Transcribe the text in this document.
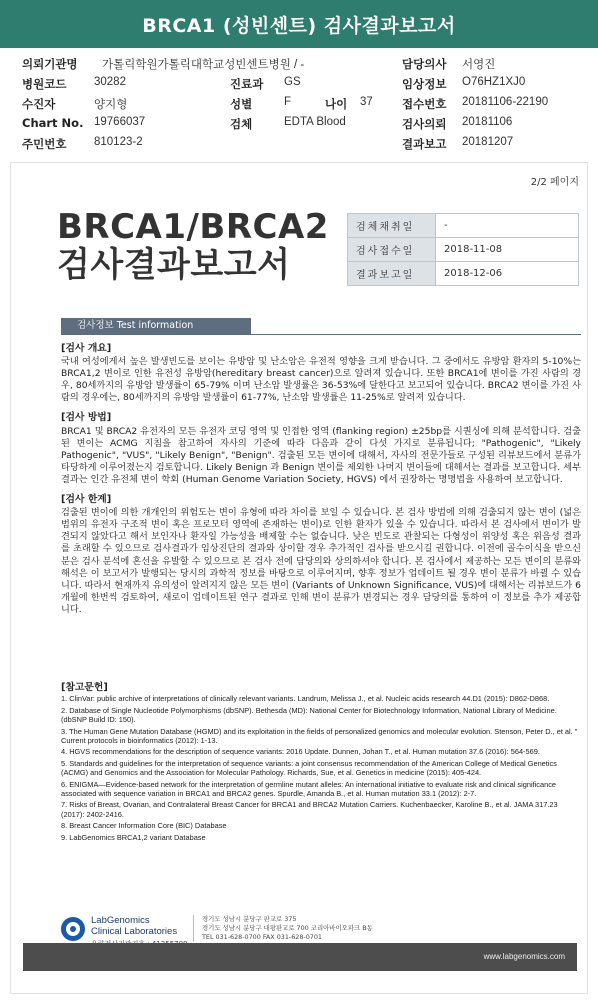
BRCA1 (성빈센트) 검사결과보고서
의뢰기관명 가톨릭학원가톨릭대학교성빈센트병원 / -	담당의사 서영진
병원코드 30282	진료과 GS	임상정보 O76HZ1XJ0
수진자	양지형	성별	F	나이 37	접수번호 20181106-22190
Chart No. 19766037	검체	EDTA Blood	검사의뢰 20181106
주민번호 810123-2	결과보고 20181207
2/2 페이지
BRCA1/BRCA2
검사결과보고서
검체채취일	-
검사접수일	2018-11-08
결과보고일	2018-12-06
검사정보 Test information
[검사 개요]

국내 여성에게서 높은 발생빈도를 보이는 유방암 및 난소암은 유전적 영향을 크게 받습니다. 그 중에서도 유방암 환자의 5-10%는 BRCA1,2 변이로 인한 유전성 유방암(hereditary breast cancer)으로 알려져 있습니다. 또한 BRCA1에 변이를 가진 사람의 경우, 80세까지의 유방암 발생률이 65-79% 이며 난소암 발생률은 36-53%에 달한다고 보고되어 있습니다. BRCA2 변이를 가진 사람의 경우에는, 80세까지의 유방암 발생률이 61-77%, 난소암 발생률은 11-25%로 알려져 있습니다.

[검사 방법]

BRCA1 및 BRCA2 유전자의 모든 유전자 코딩 영역 및 인접한 영역 (flanking region) ±25bp를 시퀀싱에 의해 분석합니다. 검출된 변이는 ACMG 지침을 참고하여 자사의 기준에 따라 다음과 같이 다섯 가지로 분류됩니다; "Pathogenic", "Likely Pathogenic", "VUS", "Likely Benign", "Benign". 검출된 모든 변이에 대해서, 자사의 전문가들로 구성된 리뷰보드에서 분류가 타당하게 이루어졌는지 검토합니다. Likely Benign 과 Benign 변이를 제외한 나머지 변이들에 대해서는 결과를 보고합니다. 세부결과는 인간 유전체 변이 학회 (Human Genome Variation Society, HGVS) 에서 권장하는 명명법을 사용하여 보고합니다.

[검사 한계]

검출된 변이에 의한 개개인의 위험도는 변이 유형에 따라 차이를 보일 수 있습니다. 본 검사 방법에 의해 검출되지 않는 변이 (넓은 범위의 유전자 구조적 변이 혹은 프로모터 영역에 존재하는 변이)로 인한 환자가 있을 수 있습니다. 따라서 본 검사에서 변이가 발견되지 않았다고 해서 보인자나 환자일 가능성을 배제할 수는 없습니다. 낮은 빈도로 관찰되는 다형성이 위양성 혹은 위음성 결과를 초래할 수 있으므로 검사결과가 임상진단의 결과와 상이할 경우 추가적인 검사를 받으시길 권합니다. 이전에 골수이식을 받으신 분은 검사 분석에 혼선을 유발할 수 있으므로 본 검사 전에 담당의와 상의하셔야 합니다. 본 검사에서 제공하는 모든 변이의 분류와 해석은 이 보고서가 발행되는 당시의 과학적 정보를 바탕으로 이루어지며, 향후 정보가 업데이트 될 경우 변이 분류가 바뀔 수 있습니다. 따라서 현재까지 유의성이 알려지지 않은 모든 변이 (Variants of Unknown Significance, VUS)에 대해서는 리뷰보드가 6개월에 한번씩 검토하여, 새로이 업데이트된 연구 결과로 인해 변이 분류가 변경되는 경우 담당의를 통하여 이 정보를 추가 제공합니다.

[참고문헌]
1. ClinVar: public archive of interpretations of clinically relevant variants. Landrum, Melissa J., et al. Nucleic acids research 44.D1 (2015): D862-D868.
2. Database of Single Nucleotide Polymorphisms (dbSNP). Bethesda (MD): National Center for Biotechnology Information, National Library of Medicine. (dbSNP Build ID: 150).
3. The Human Gene Mutation Database (HGMD) and its exploitation in the fields of personalized genomics and molecular evolution. Stenson, Peter D., et al. " Current protocols in bioinformatics (2012): 1-13.
4. HGVS recommendations for the description of sequence variants: 2016 Update. Dunnen, Johan T., et al. Human mutation 37.6 (2016): 564-569.
5. Standards and guidelines for the interpretation of sequence variants: a joint consensus recommendation of the American College of Medical Genetics (ACMG) and Genomics and the Association for Molecular Pathology. Richards, Sue, et al. Genetics in medicine (2015): 405-424.
6. ENIGMA—Evidence-based network for the interpretation of germline mutant alleles: An international initiative to evaluate risk and clinical significance associated with sequence variation in BRCA1 and BRCA2 genes. Spurdle, Amanda B., et al. Human mutation 33.1 (2012): 2-7.
7. Risks of Breast, Ovarian, and Contralateral Breast Cancer for BRCA1 and BRCA2 Mutation Carriers. Kuchenbaecker, Karoline B., et al. JAMA 317.23 (2017): 2402-2416.
8. Breast Cancer Information Core (BIC) Database
9. LabGenomics BRCA1,2 variant Database
LabGenomics
Clinical Laboratories
경기도 성남시 분당구 판교로 375
경기도 성남시 분당구 대왕판교로 700 코리아바이오파크 B동
TEL 031-628-0700 FAX 031-628-0701
www.labgenomics.com
